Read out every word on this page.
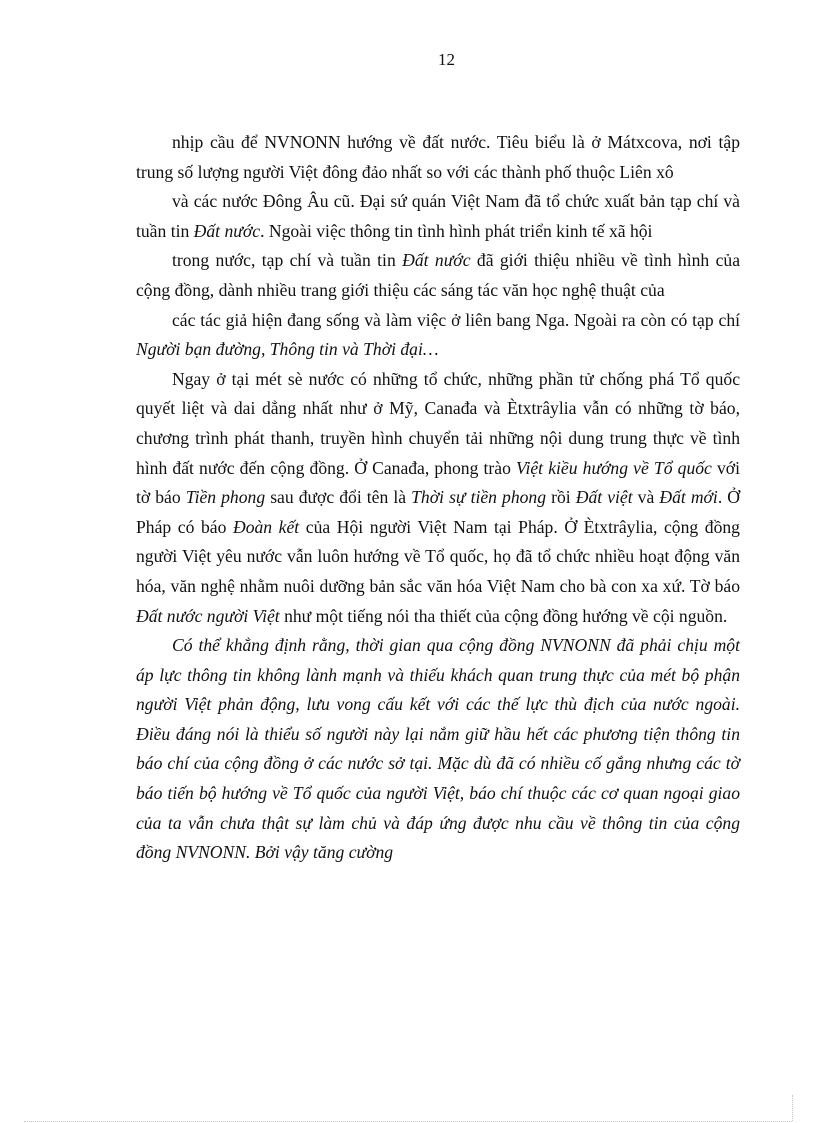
12

nhịp cầu để NVNONN hướng về đất nước. Tiêu biểu là ở Mátxcova, nơi tập trung số lượng người Việt đông đảo nhất so với các thành phố thuộc Liên xô

và các nước Đông Âu cũ. Đại sứ quán Việt Nam đã tổ chức xuất bản tạp chí và tuần tin Đất nước. Ngoài việc thông tin tình hình phát triển kinh tế xã hội

trong nước, tạp chí và tuần tin Đất nước đã giới thiệu nhiều về tình hình của cộng đồng, dành nhiều trang giới thiệu các sáng tác văn học nghệ thuật của

các tác giả hiện đang sống và làm việc ở liên bang Nga. Ngoài ra còn có tạp chí Người bạn đường, Thông tin và Thời đại…

Ngay ở tại mét sè nước có những tổ chức, những phần tử chống phá Tổ quốc quyết liệt và dai dẳng nhất như ở Mỹ, Canađa và Ètxtrâylia vẫn có những tờ báo, chương trình phát thanh, truyền hình chuyển tải những nội dung trung thực về tình hình đất nước đến cộng đồng. Ở Canađa, phong trào Việt kiều hướng về Tổ quốc với tờ báo Tiền phong sau được đổi tên là Thời sự tiền phong rồi Đất việt và Đất mới. Ở Pháp có báo Đoàn kết của Hội người Việt Nam tại Pháp. Ở Ètxtrâylia, cộng đồng người Việt yêu nước vẫn luôn hướng về Tổ quốc, họ đã tổ chức nhiều hoạt động văn hóa, văn nghệ nhằm nuôi dưỡng bản sắc văn hóa Việt Nam cho bà con xa xứ. Tờ báo Đất nước người Việt như một tiếng nói tha thiết của cộng đồng hướng về cội nguồn.

Có thể khẳng định rằng, thời gian qua cộng đồng NVNONN đã phải chịu một áp lực thông tin không lành mạnh và thiếu khách quan trung thực của mét bộ phận người Việt phản động, lưu vong cấu kết với các thế lực thù địch của nước ngoài. Điều đáng nói là thiểu số người này lại nắm giữ hầu hết các phương tiện thông tin báo chí của cộng đồng ở các nước sở tại. Mặc dù đã có nhiều cố gắng nhưng các tờ báo tiến bộ hướng về Tổ quốc của người Việt, báo chí thuộc các cơ quan ngoại giao của ta vẫn chưa thật sự làm chủ và đáp ứng được nhu cầu về thông tin của cộng đồng NVNONN. Bởi vậy tăng cường
